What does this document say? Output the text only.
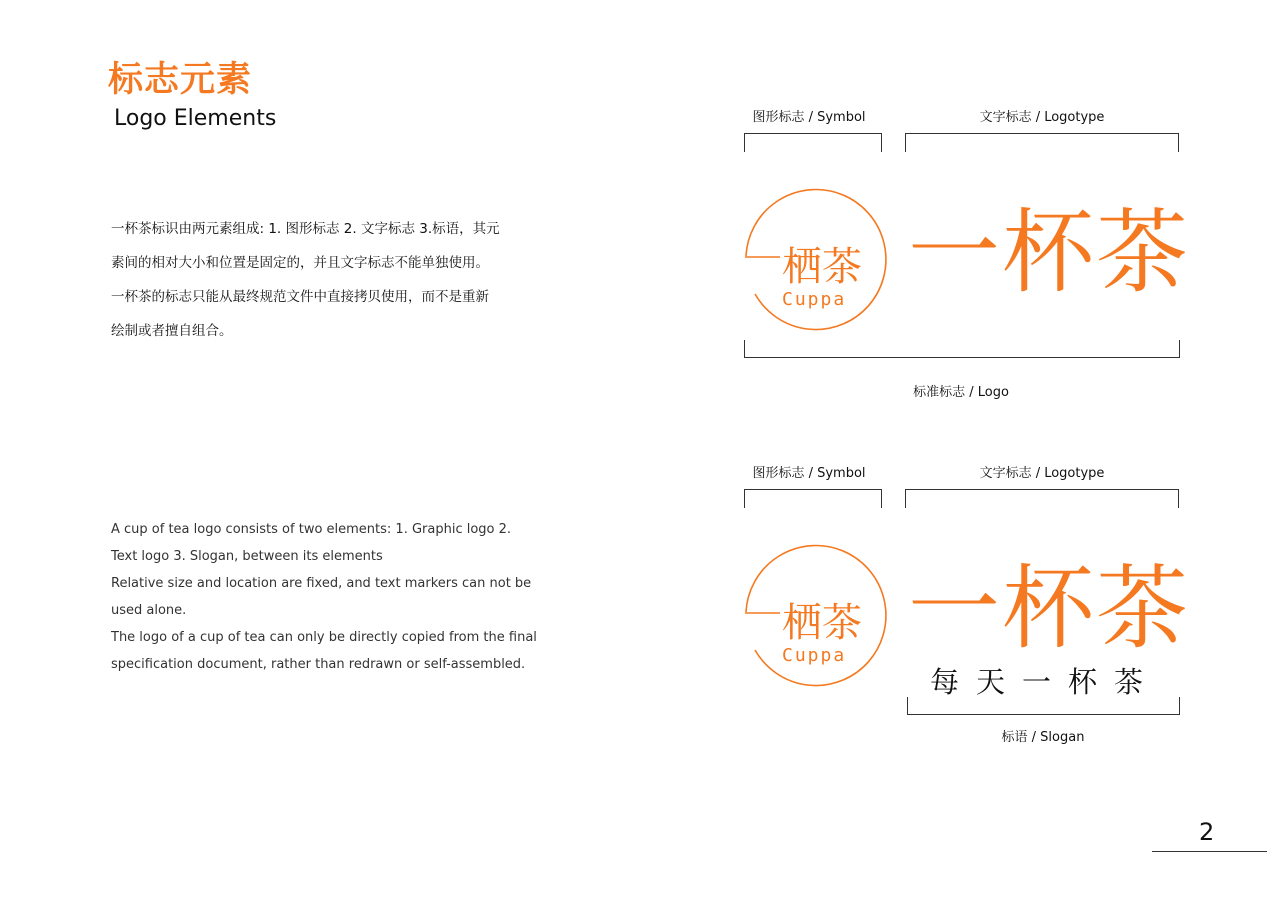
标志元素
Logo Elements
一杯茶标识由两元素组成: 1. 图形标志 2. 文字标志 3.标语，其元
素间的相对大小和位置是固定的，并且文字标志不能单独使用。
一杯茶的标志只能从最终规范文件中直接拷贝使用，而不是重新
绘制或者擅自组合。
A cup of tea logo consists of two elements: 1. Graphic logo 2.
Text logo 3. Slogan, between its elements
Relative size and location are fixed, and text markers can not be
used alone.
The logo of a cup of tea can only be directly copied from the final
specification document, rather than redrawn or self-assembled.
图形标志 / Symbol	文字标志 / Logotype
栖茶
Cuppa 一杯茶
标准标志 / Logo
图形标志 / Symbol	文字标志 / Logotype
栖茶
Cuppa 一杯茶
每天一杯茶
标语 / Slogan
2
